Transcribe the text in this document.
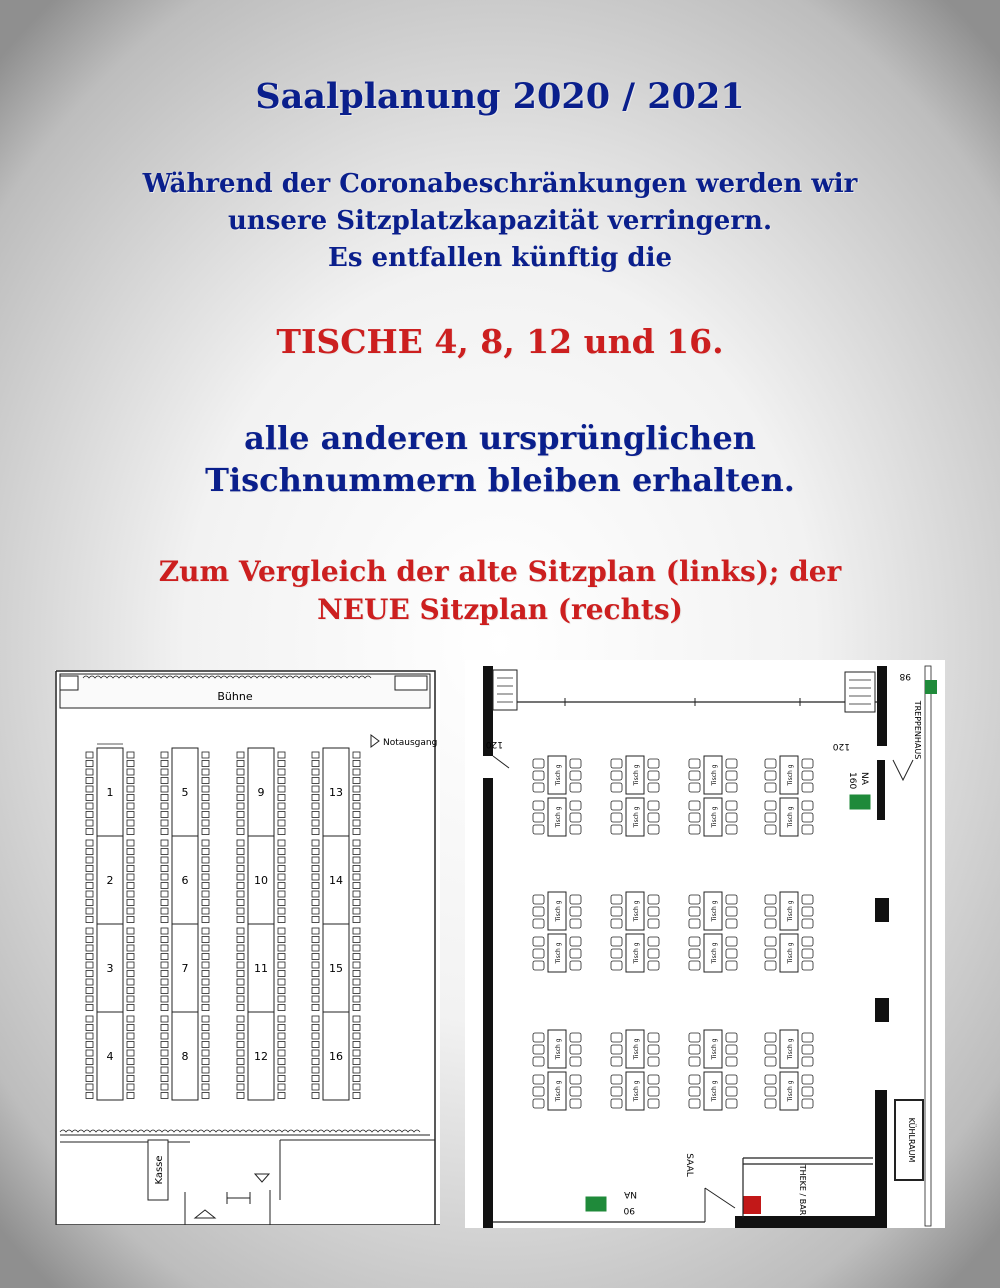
Saalplanung 2020 / 2021
Während der Coronabeschränkungen werden wir
unsere Sitzplatzkapazität verringern.
Es entfallen künftig die
TISCHE 4, 8, 12 und 16.
alle anderen ursprünglichen
Tischnummern bleiben erhalten.
Zum Vergleich der alte Sitzplan (links); der
NEUE Sitzplan (rechts)
Bühne
Notausgang
1
2
3
4
5
6
7
8
9
10
11
12
13
14
15
16
Kasse
KÜHLRAUM
TREPPENHAUS
120	120
160
90
98
NA
NA	THEKE / BAR
SAAL
Tisch g
Tisch g
Tisch g
Tisch g
Tisch g
Tisch g
Tisch g
Tisch g
Tisch g
Tisch g
Tisch g
Tisch g
Tisch g
Tisch g
Tisch g
Tisch g
Tisch g
Tisch g
Tisch g
Tisch g
Tisch g
Tisch g
Tisch g
Tisch g
